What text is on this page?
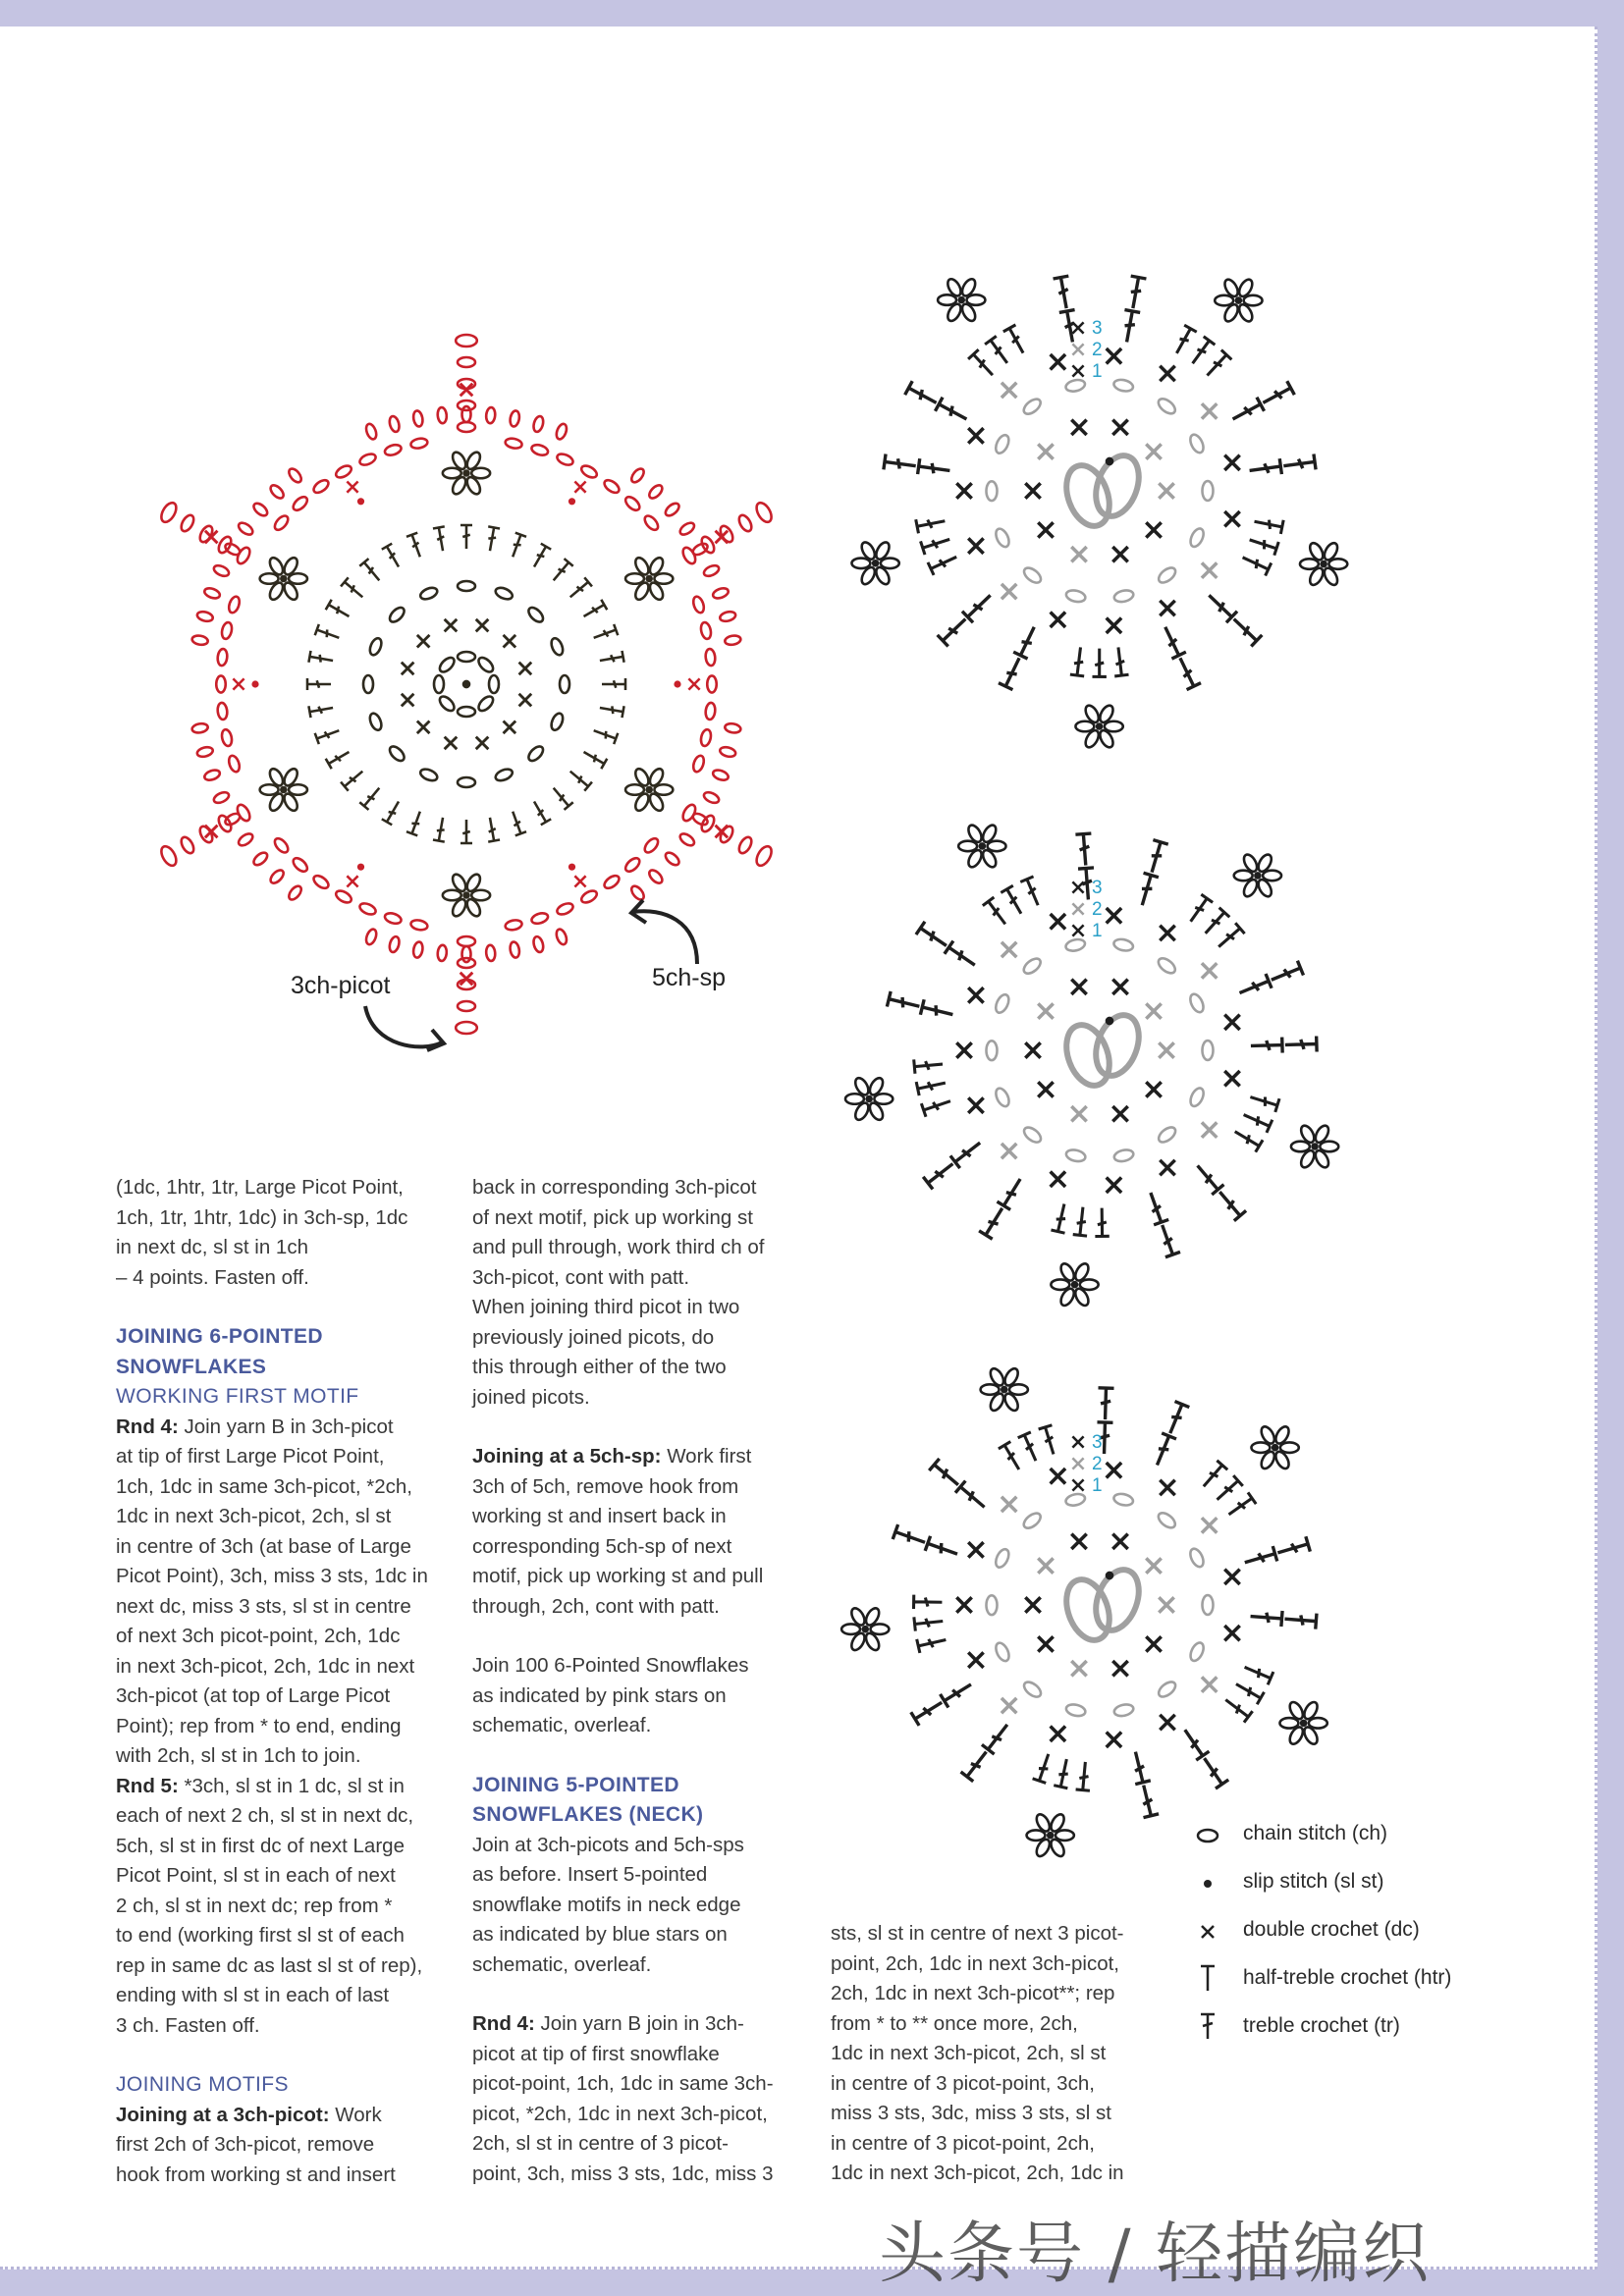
3ch-picot	5ch-sp
3
2
1
3
2
1
3
2
1

(1dc, 1htr, 1tr, Large Picot Point,
1ch, 1tr, 1htr, 1dc) in 3ch-sp, 1dc
in next dc, sl st in 1ch
– 4 points. Fasten off.

JOINING 6-POINTED
SNOWFLAKES

WORKING FIRST MOTIF

Rnd 4: Join yarn B in 3ch-picot
at tip of first Large Picot Point,
1ch, 1dc in same 3ch-picot, *2ch,
1dc in next 3ch-picot, 2ch, sl st
in centre of 3ch (at base of Large
Picot Point), 3ch, miss 3 sts, 1dc in
next dc, miss 3 sts, sl st in centre
of next 3ch picot-point, 2ch, 1dc
in next 3ch-picot, 2ch, 1dc in next
3ch-picot (at top of Large Picot
Point); rep from * to end, ending
with 2ch, sl st in 1ch to join.

Rnd 5: *3ch, sl st in 1 dc, sl st in
each of next 2 ch, sl st in next dc,
5ch, sl st in first dc of next Large
Picot Point, sl st in each of next
2 ch, sl st in next dc; rep from *
to end (working first sl st of each
rep in same dc as last sl st of rep),
ending with sl st in each of last
3 ch. Fasten off.

JOINING MOTIFS

Joining at a 3ch-picot: Work
first 2ch of 3ch-picot, remove
hook from working st and insert

back in corresponding 3ch-picot
of next motif, pick up working st
and pull through, work third ch of
3ch-picot, cont with patt.
When joining third picot in two
previously joined picots, do
this through either of the two
joined picots.

Joining at a 5ch-sp: Work first
3ch of 5ch, remove hook from
working st and insert back in
corresponding 5ch-sp of next
motif, pick up working st and pull
through, 2ch, cont with patt.

Join 100 6-Pointed Snowflakes
as indicated by pink stars on
schematic, overleaf.

JOINING 5-POINTED
SNOWFLAKES (NECK)

Join at 3ch-picots and 5ch-sps
as before. Insert 5-pointed
snowflake motifs in neck edge
as indicated by blue stars on
schematic, overleaf.

Rnd 4: Join yarn B join in 3ch-
picot at tip of first snowflake
picot-point, 1ch, 1dc in same 3ch-
picot, *2ch, 1dc in next 3ch-picot,
2ch, sl st in centre of 3 picot-
point, 3ch, miss 3 sts, 1dc, miss 3

sts, sl st in centre of next 3 picot-
point, 2ch, 1dc in next 3ch-picot,
2ch, 1dc in next 3ch-picot**; rep
from * to ** once more, 2ch,
1dc in next 3ch-picot, 2ch, sl st
in centre of 3 picot-point, 3ch,
miss 3 sts, 3dc, miss 3 sts, sl st
in centre of 3 picot-point, 2ch,
1dc in next 3ch-picot, 2ch, 1dc in

chain stitch (ch)
slip stitch (sl st)
double crochet (dc)
half-treble crochet (htr)
treble crochet (tr)
头条号 / 轻描编织
